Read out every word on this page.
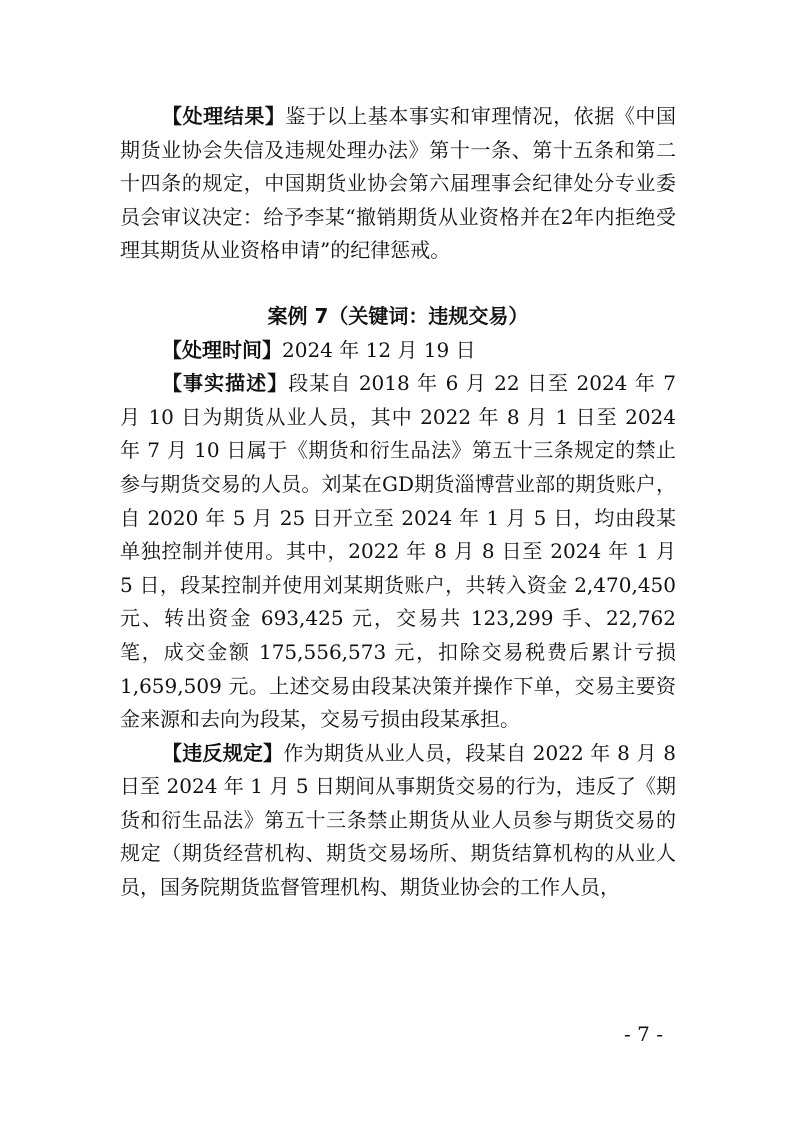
【处理结果】鉴于以上基本事实和审理情况，依据《中国期货业协会失信及违规处理办法》第十一条、第十五条和第二十四条的规定，中国期货业协会第六届理事会纪律处分专业委员会审议决定：给予李某“撤销期货从业资格并在2年内拒绝受理其期货从业资格申请”的纪律惩戒。

案例 7（关键词：违规交易）

【处理时间】2024 年 12 月 19 日

【事实描述】段某自 2018 年 6 月 22 日至 2024 年 7 月 10 日为期货从业人员，其中 2022 年 8 月 1 日至 2024 年 7 月 10 日属于《期货和衍生品法》第五十三条规定的禁止参与期货交易的人员。刘某在GD期货淄博营业部的期货账户，自 2020 年 5 月 25 日开立至 2024 年 1 月 5 日，均由段某单独控制并使用。其中，2022 年 8 月 8 日至 2024 年 1 月 5 日，段某控制并使用刘某期货账户，共转入资金 2,470,450 元、转出资金 693,425 元，交易共 123,299 手、22,762 笔，成交金额 175,556,573 元，扣除交易税费后累计亏损 1,659,509 元。上述交易由段某决策并操作下单，交易主要资金来源和去向为段某，交易亏损由段某承担。

【违反规定】作为期货从业人员，段某自 2022 年 8 月 8 日至 2024 年 1 月 5 日期间从事期货交易的行为，违反了《期货和衍生品法》第五十三条禁止期货从业人员参与期货交易的规定（期货经营机构、期货交易场所、期货结算机构的从业人员，国务院期货监督管理机构、期货业协会的工作人员，

- 7 -
